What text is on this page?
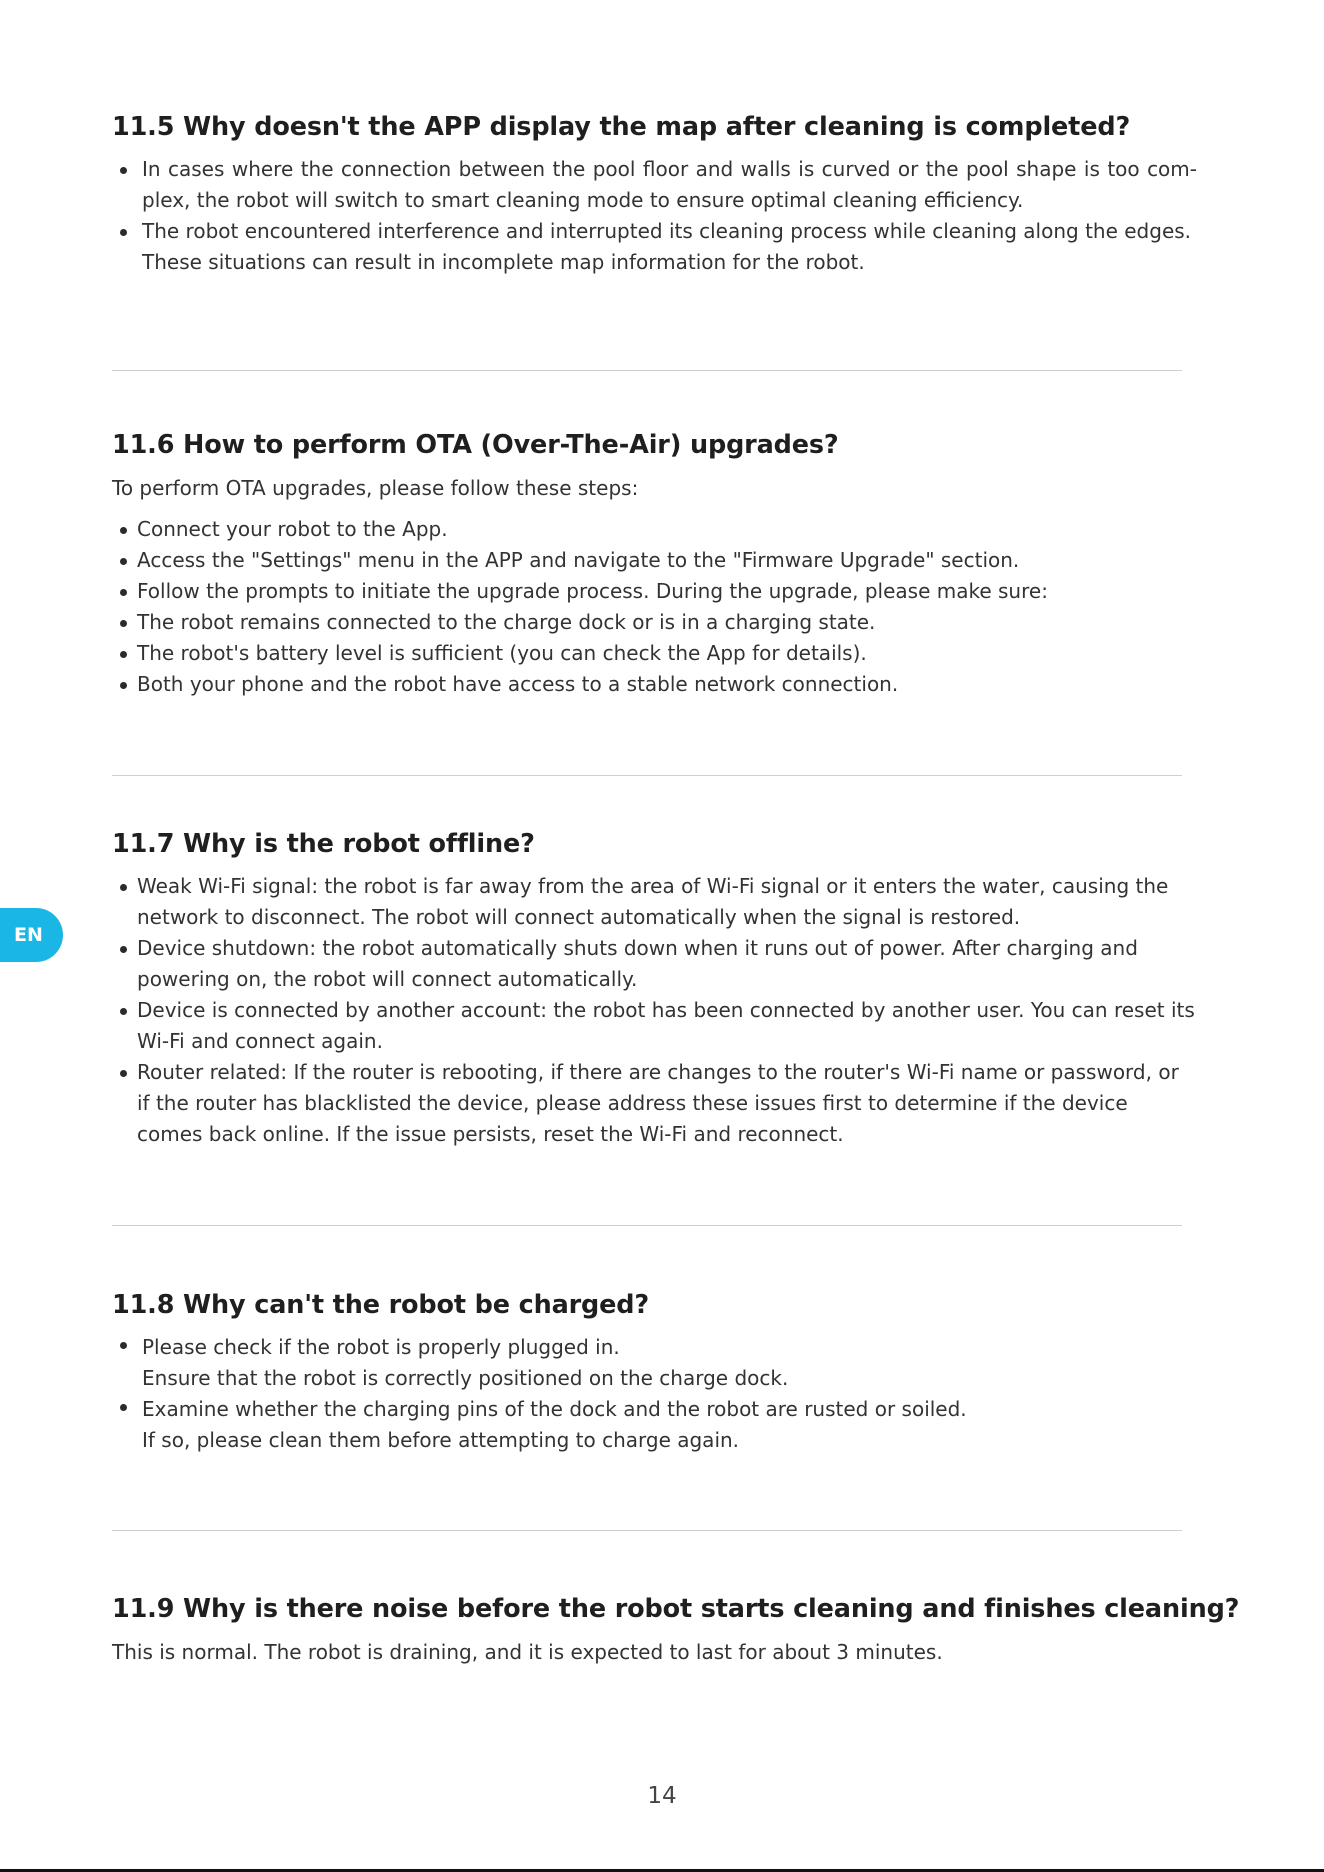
EN
11.5 Why doesn't the APP display the map after cleaning is completed?
In cases where the connection between the pool floor and walls is curved or the pool shape is too complex, the robot will switch to smart cleaning mode to ensure optimal cleaning efficiency.
The robot encountered interference and interrupted its cleaning process while cleaning along the edges.
These situations can result in incomplete map information for the robot.
11.6 How to perform OTA (Over-The-Air) upgrades?

To perform OTA upgrades, please follow these steps:

Connect your robot to the App.
Access the "Settings" menu in the APP and navigate to the "Firmware Upgrade" section.
Follow the prompts to initiate the upgrade process. During the upgrade, please make sure:
The robot remains connected to the charge dock or is in a charging state.
The robot's battery level is sufficient (you can check the App for details).
Both your phone and the robot have access to a stable network connection.
11.7 Why is the robot offline?
Weak Wi-Fi signal: the robot is far away from the area of Wi-Fi signal or it enters the water, causing the network to disconnect. The robot will connect automatically when the signal is restored.
Device shutdown: the robot automatically shuts down when it runs out of power. After charging and powering on, the robot will connect automatically.
Device is connected by another account: the robot has been connected by another user. You can reset its Wi-Fi and connect again.
Router related: If the router is rebooting, if there are changes to the router's Wi-Fi name or password, or if the router has blacklisted the device, please address these issues first to determine if the device comes back online. If the issue persists, reset the Wi-Fi and reconnect.
11.8 Why can't the robot be charged?
Please check if the robot is properly plugged in.
Ensure that the robot is correctly positioned on the charge dock.
Examine whether the charging pins of the dock and the robot are rusted or soiled.
If so, please clean them before attempting to charge again.
11.9 Why is there noise before the robot starts cleaning and finishes cleaning?

This is normal. The robot is draining, and it is expected to last for about 3 minutes.

14
